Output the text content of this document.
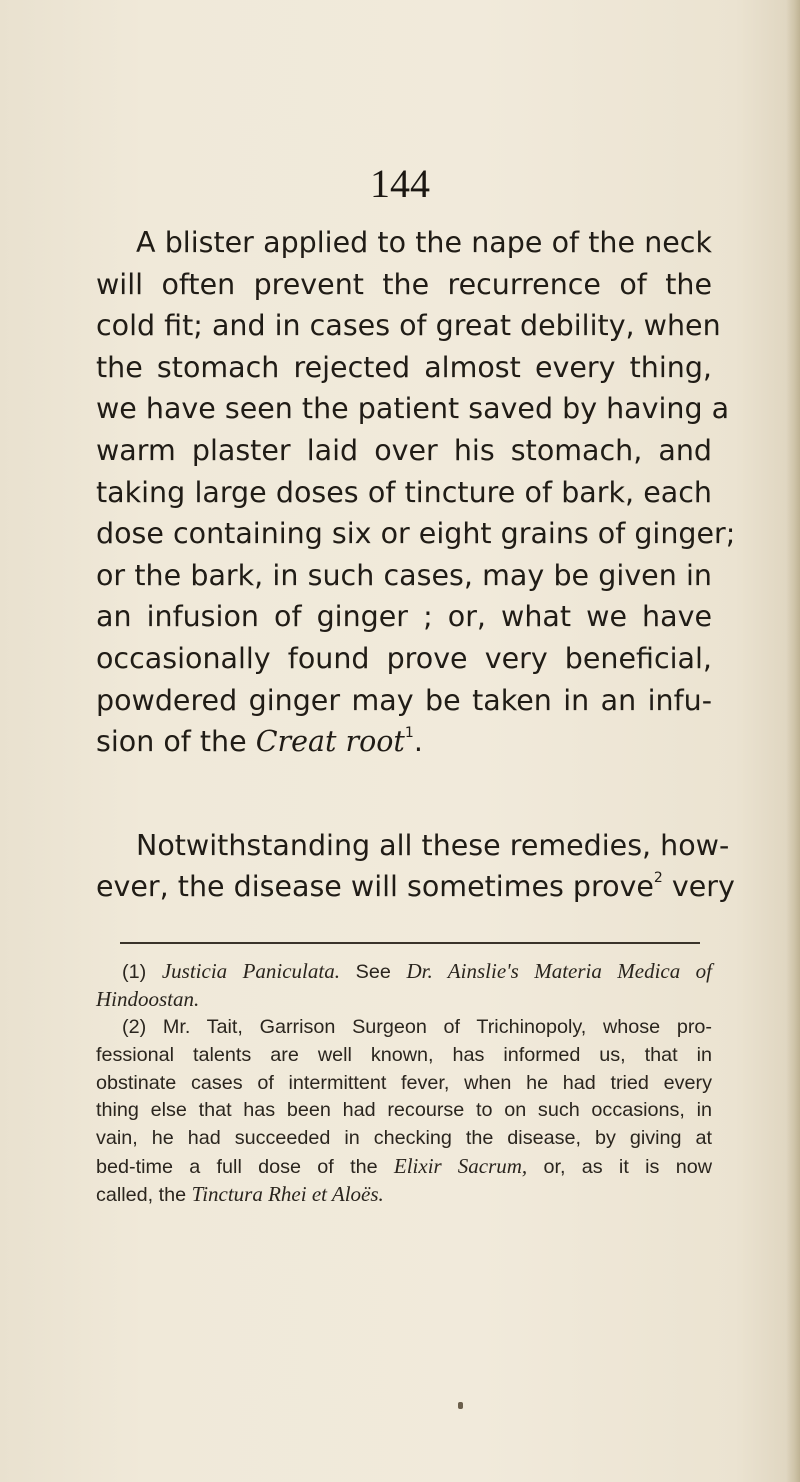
144
A blister applied to the nape of the neck
will often prevent the recurrence of the
cold fit; and in cases of great debility, when
the stomach rejected almost every thing,
we have seen the patient saved by having a
warm plaster laid over his stomach, and
taking large doses of tincture of bark, each
dose containing six or eight grains of ginger;
or the bark, in such cases, may be given in
an infusion of ginger ; or, what we have
occasionally found prove very beneficial,
powdered ginger may be taken in an infu-
sion of the Creat root$^1$.
Notwithstanding all these remedies, how-
ever, the disease will sometimes prove$^2$ very
(1) Justicia Paniculata. See Dr. Ainslie's Materia Medica of
Hindoostan.
(2) Mr. Tait, Garrison Surgeon of Trichinopoly, whose pro-
fessional talents are well known, has informed us, that in
obstinate cases of intermittent fever, when he had tried every
thing else that has been had recourse to on such occasions, in
vain, he had succeeded in checking the disease, by giving at
bed-time a full dose of the Elixir Sacrum, or, as it is now
called, the Tinctura Rhei et Aloës.
